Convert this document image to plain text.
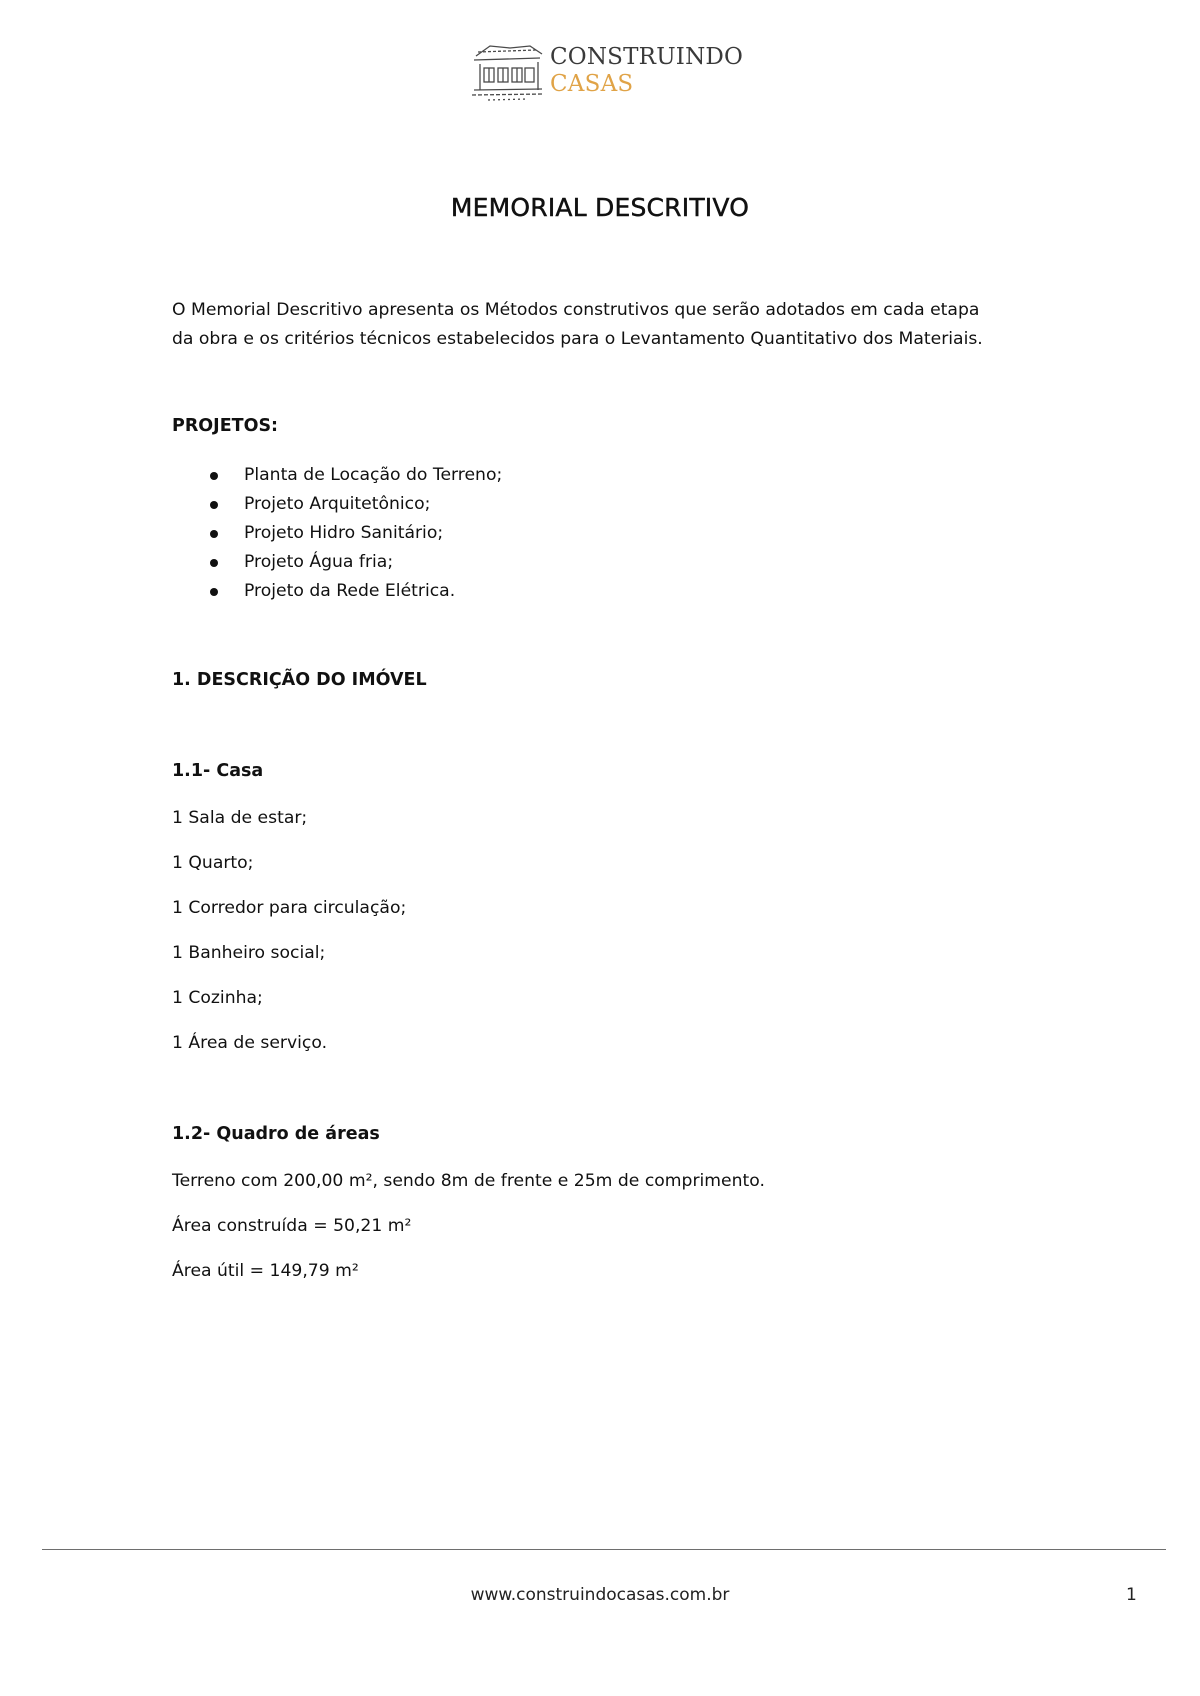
CONSTRUINDO
CASAS
MEMORIAL DESCRITIVO
O Memorial Descritivo apresenta os Métodos construtivos que serão adotados em cada etapa
da obra e os critérios técnicos estabelecidos para o Levantamento Quantitativo dos Materiais.
PROJETOS:
Planta de Locação do Terreno;
Projeto Arquitetônico;
Projeto Hidro Sanitário;
Projeto Água fria;
Projeto da Rede Elétrica.
1. DESCRIÇÃO DO IMÓVEL
1.1- Casa
1 Sala de estar;
1 Quarto;
1 Corredor para circulação;
1 Banheiro social;
1 Cozinha;
1 Área de serviço.
1.2- Quadro de áreas
Terreno com 200,00 m², sendo 8m de frente e 25m de comprimento.
Área construída = 50,21 m²
Área útil = 149,79 m²
www.construindocasas.com.br	1
